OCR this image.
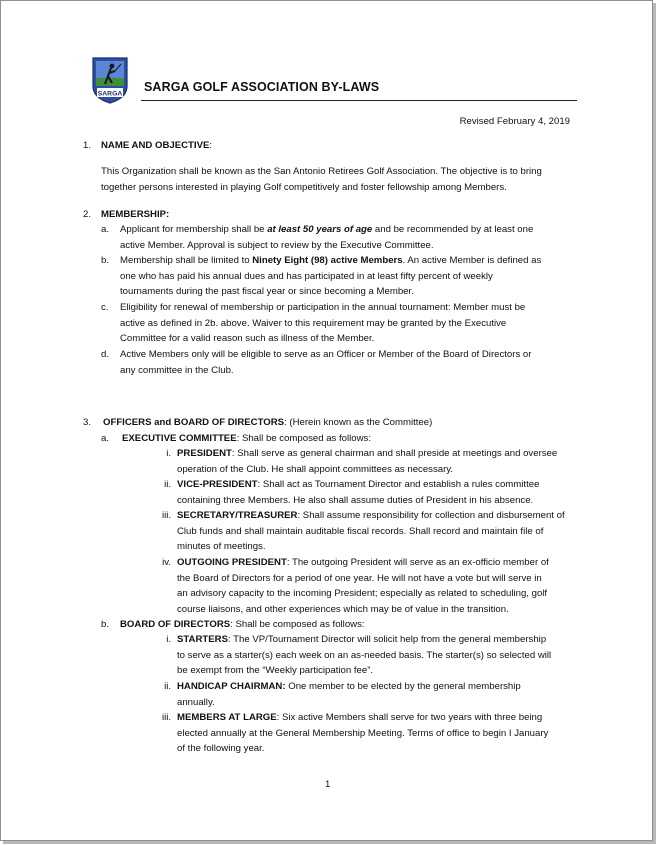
SARGA SARGA GOLF ASSOCIATION BY-LAWS
Revised February 4, 2019
1. NAME AND OBJECTIVE:
This Organization shall be known as the San Antonio Retirees Golf Association. The objective is to bring
together persons interested in playing Golf competitively and foster fellowship among Members.
2. MEMBERSHIP:
a. Applicant for membership shall be at least 50 years of age and be recommended by at least one
active Member. Approval is subject to review by the Executive Committee.
b. Membership shall be limited to Ninety Eight (98) active Members. An active Member is defined as
one who has paid his annual dues and has participated in at least fifty percent of weekly
tournaments during the past fiscal year or since becoming a Member.
c. Eligibility for renewal of membership or participation in the annual tournament: Member must be
active as defined in 2b. above. Waiver to this requirement may be granted by the Executive
Committee for a valid reason such as illness of the Member.
d. Active Members only will be eligible to serve as an Officer or Member of the Board of Directors or
any committee in the Club.
3. OFFICERS and BOARD OF DIRECTORS: (Herein known as the Committee)
a. EXECUTIVE COMMITTEE: Shall be composed as follows:
i. PRESIDENT: Shall serve as general chairman and shall preside at meetings and oversee
operation of the Club. He shall appoint committees as necessary.
ii. VICE-PRESIDENT: Shall act as Tournament Director and establish a rules committee
containing three Members. He also shall assume duties of President in his absence.
iii. SECRETARY/TREASURER: Shall assume responsibility for collection and disbursement of
Club funds and shall maintain auditable fiscal records. Shall record and maintain file of
minutes of meetings.
iv. OUTGOING PRESIDENT: The outgoing President will serve as an ex-officio member of
the Board of Directors for a period of one year. He will not have a vote but will serve in
an advisory capacity to the incoming President; especially as related to scheduling, golf
course liaisons, and other experiences which may be of value in the transition.
b. BOARD OF DIRECTORS: Shall be composed as follows:
i. STARTERS: The VP/Tournament Director will solicit help from the general membership
to serve as a starter(s) each week on an as-needed basis. The starter(s) so selected will
be exempt from the “Weekly participation fee”.
ii. HANDICAP CHAIRMAN: One member to be elected by the general membership
annually.
iii. MEMBERS AT LARGE: Six active Members shall serve for two years with three being
elected annually at the General Membership Meeting. Terms of office to begin I January
of the following year.
1
